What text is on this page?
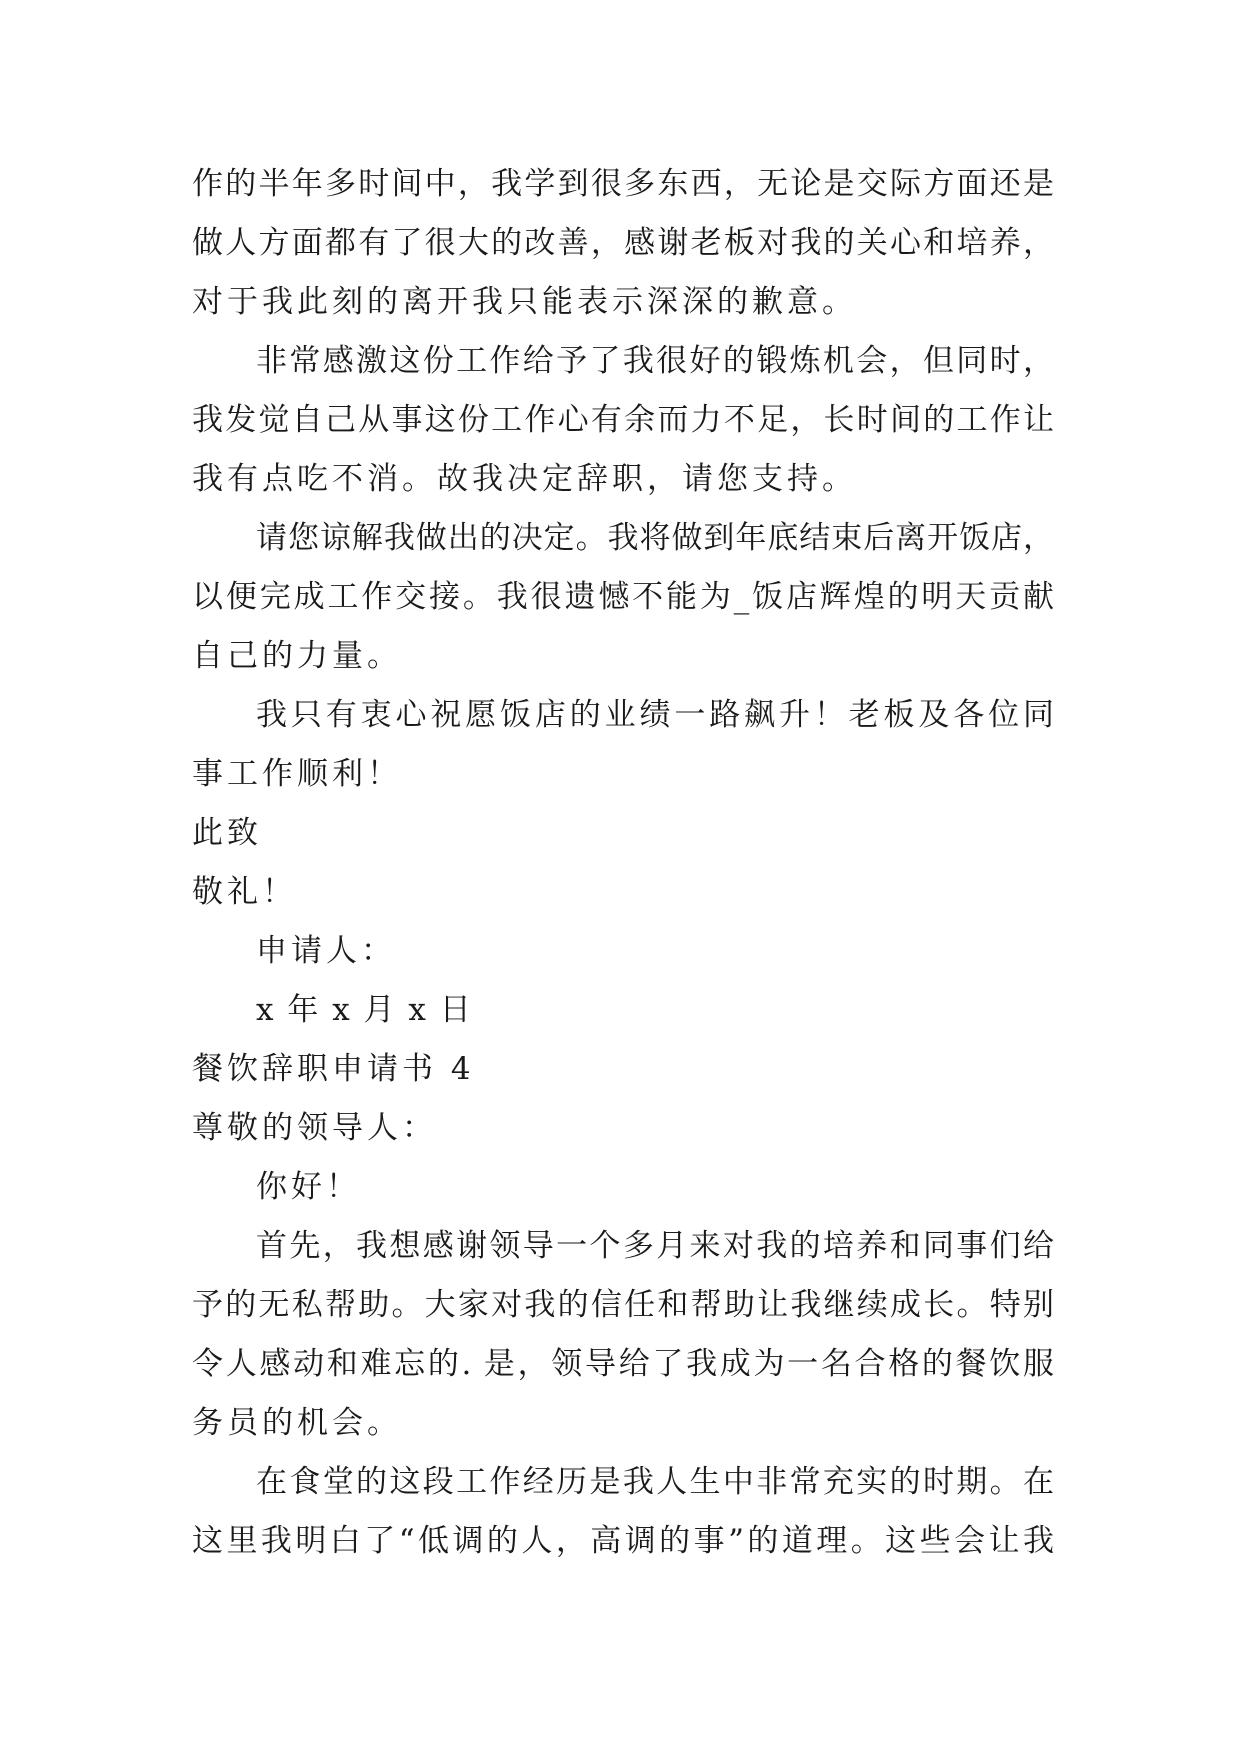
作的半年多时间中，我学到很多东西，无论是交际方面还是
做人方面都有了很大的改善，感谢老板对我的关心和培养，
对于我此刻的离开我只能表示深深的歉意。
非常感激这份工作给予了我很好的锻炼机会，但同时，
我发觉自己从事这份工作心有余而力不足，长时间的工作让
我有点吃不消。故我决定辞职，请您支持。
请您谅解我做出的决定。我将做到年底结束后离开饭店，
以便完成工作交接。我很遗憾不能为_饭店辉煌的明天贡献
自己的力量。
我只有衷心祝愿饭店的业绩一路飙升！老板及各位同
事工作顺利！
此致
敬礼！
申请人：
x 年 x 月 x 日
餐饮辞职申请书 4
尊敬的领导人：
你好！
首先，我想感谢领导一个多月来对我的培养和同事们给
予的无私帮助。大家对我的信任和帮助让我继续成长。特别
令人感动和难忘的. 是，领导给了我成为一名合格的餐饮服
务员的机会。
在食堂的这段工作经历是我人生中非常充实的时期。在
这里我明白了“低调的人，高调的事”的道理。这些会让我
